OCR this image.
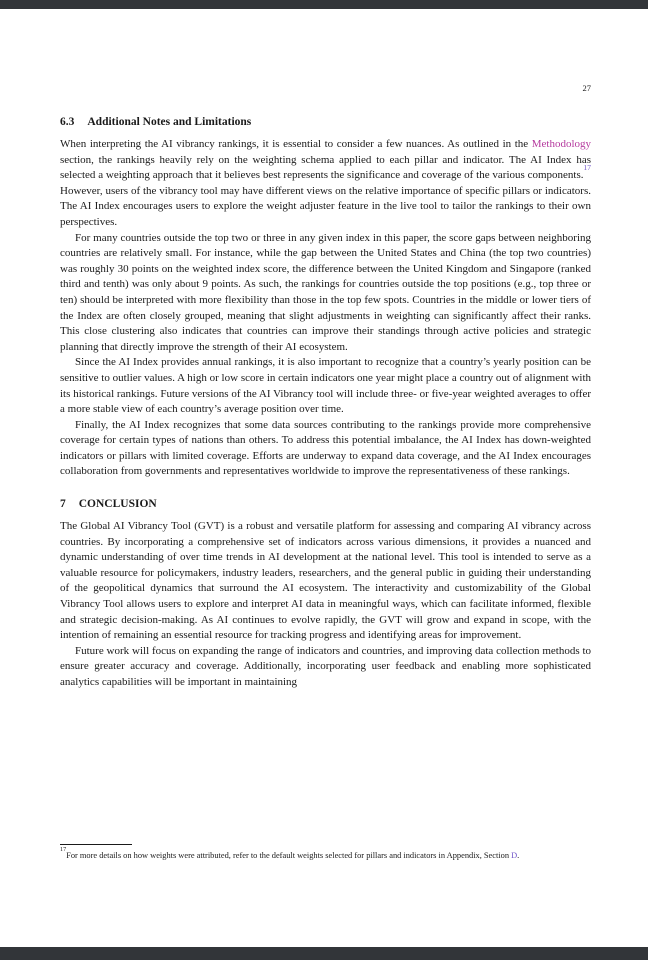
27
6.3 Additional Notes and Limitations

When interpreting the AI vibrancy rankings, it is essential to consider a few nuances. As outlined in the Methodology section, the rankings heavily rely on the weighting schema applied to each pillar and indicator. The AI Index has selected a weighting approach that it believes best represents the significance and coverage of the various components.$^{17}$ However, users of the vibrancy tool may have different views on the relative importance of specific pillars or indicators. The AI Index encourages users to explore the weight adjuster feature in the live tool to tailor the rankings to their own perspectives.

For many countries outside the top two or three in any given index in this paper, the score gaps between neighboring countries are relatively small. For instance, while the gap between the United States and China (the top two countries) was roughly 30 points on the weighted index score, the difference between the United Kingdom and Singapore (ranked third and tenth) was only about 9 points. As such, the rankings for countries outside the top positions (e.g., top three or ten) should be interpreted with more flexibility than those in the top few spots. Countries in the middle or lower tiers of the Index are often closely grouped, meaning that slight adjustments in weighting can significantly affect their ranks. This close clustering also indicates that countries can improve their standings through active policies and strategic planning that directly improve the strength of their AI ecosystem.

Since the AI Index provides annual rankings, it is also important to recognize that a country’s yearly position can be sensitive to outlier values. A high or low score in certain indicators one year might place a country out of alignment with its historical rankings. Future versions of the AI Vibrancy tool will include three- or five-year weighted averages to offer a more stable view of each country’s average position over time.

Finally, the AI Index recognizes that some data sources contributing to the rankings provide more comprehensive coverage for certain types of nations than others. To address this potential imbalance, the AI Index has down-weighted indicators or pillars with limited coverage. Efforts are underway to expand data coverage, and the AI Index encourages collaboration from governments and representatives worldwide to improve the representativeness of these rankings.

7 CONCLUSION

The Global AI Vibrancy Tool (GVT) is a robust and versatile platform for assessing and comparing AI vibrancy across countries. By incorporating a comprehensive set of indicators across various dimensions, it provides a nuanced and dynamic understanding of over time trends in AI development at the national level. This tool is intended to serve as a valuable resource for policymakers, industry leaders, researchers, and the general public in guiding their understanding of the geopolitical dynamics that surround the AI ecosystem. The interactivity and customizability of the Global Vibrancy Tool allows users to explore and interpret AI data in meaningful ways, which can facilitate informed, flexible and strategic decision-making. As AI continues to evolve rapidly, the GVT will grow and expand in scope, with the intention of remaining an essential resource for tracking progress and identifying areas for improvement.

Future work will focus on expanding the range of indicators and countries, and improving data collection methods to ensure greater accuracy and coverage. Additionally, incorporating user feedback and enabling more sophisticated analytics capabilities will be important in maintaining

$^{17}$For more details on how weights were attributed, refer to the default weights selected for pillars and indicators in Appendix, Section D.
